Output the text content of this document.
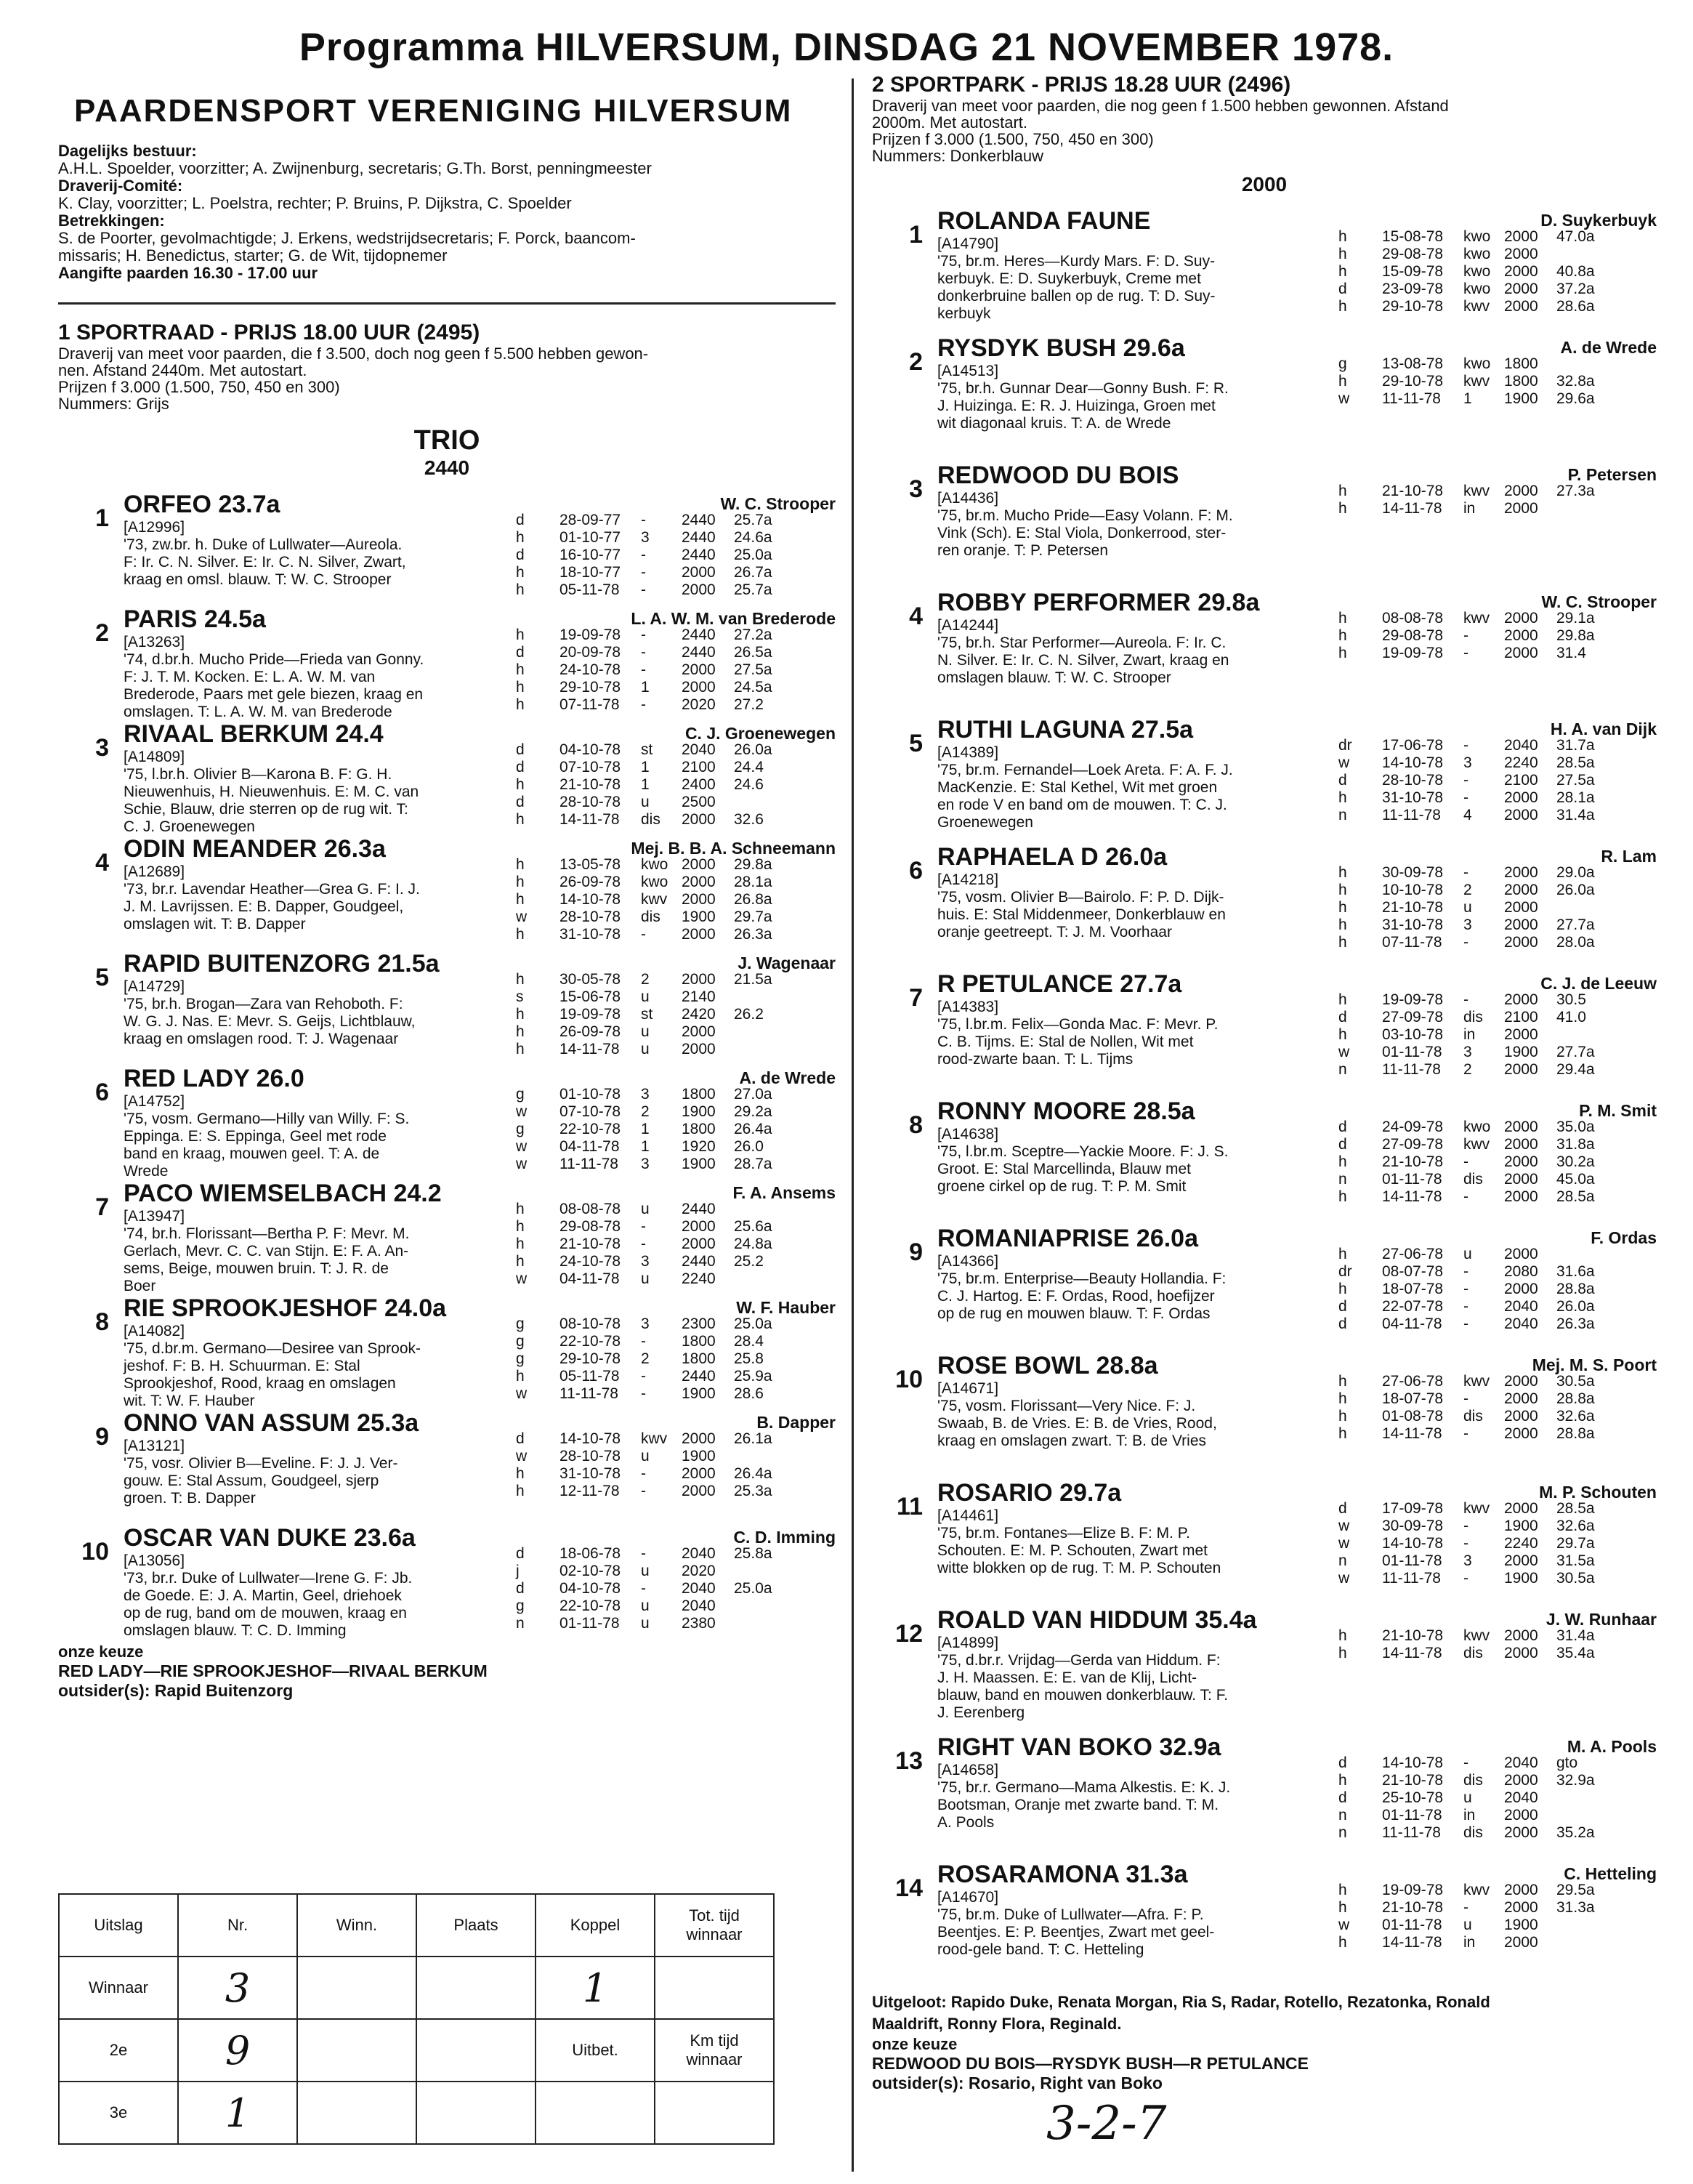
Programma HILVERSUM, DINSDAG 21 NOVEMBER 1978.
PAARDENSPORT VERENIGING HILVERSUM
Dagelijks bestuur:
A.H.L. Spoelder, voorzitter; A. Zwijnenburg, secretaris; G.Th. Borst, penningmeester
Draverij-Comité:
K. Clay, voorzitter; L. Poelstra, rechter; P. Bruins, P. Dijkstra, C. Spoelder
Betrekkingen:
S. de Poorter, gevolmachtigde; J. Erkens, wedstrijdsecretaris; F. Porck, baancom-
missaris; H. Benedictus, starter; G. de Wit, tijdopnemer
Aangifte paarden 16.30 - 17.00 uur
1 SPORTRAAD - PRIJS 18.00 UUR (2495)
Draverij van meet voor paarden, die f 3.500, doch nog geen f 5.500 hebben gewon-
nen. Afstand 2440m. Met autostart.
Prijzen f 3.000 (1.500, 750, 450 en 300)
Nummers: Grijs
TRIO
2440
1 ORFEO 23.7a
[A12996]
'73, zw.br. h. Duke of Lullwater—Aureola.
F: Ir. C. N. Silver. E: Ir. C. N. Silver, Zwart,
kraag en omsl. blauw. T: W. C. Strooper
W. C. Strooper
d	28-09-77	-	2440	25.7a
h	01-10-77	3	2440	24.6a
d	16-10-77	-	2440	25.0a
h	18-10-77	-	2000	26.7a
h	05-11-78	-	2000	25.7a
2 PARIS 24.5a
[A13263]
'74, d.br.h. Mucho Pride—Frieda van Gonny.
F: J. T. M. Kocken. E: L. A. W. M. van
Brederode, Paars met gele biezen, kraag en
omslagen. T: L. A. W. M. van Brederode
L. A. W. M. van Brederode
h	19-09-78	-	2440	27.2a
d	20-09-78	-	2440	26.5a
h	24-10-78	-	2000	27.5a
h	29-10-78	1	2000	24.5a
h	07-11-78	-	2020	27.2
3 RIVAAL BERKUM 24.4
[A14809]
'75, l.br.h. Olivier B—Karona B. F: G. H.
Nieuwenhuis, H. Nieuwenhuis. E: M. C. van
Schie, Blauw, drie sterren op de rug wit. T:
C. J. Groenewegen
C. J. Groenewegen
d	04-10-78	st	2040	26.0a
d	07-10-78	1	2100	24.4
h	21-10-78	1	2400	24.6
d	28-10-78	u	2500
h	14-11-78	dis	2000	32.6
4 ODIN MEANDER 26.3a
[A12689]
'73, br.r. Lavendar Heather—Grea G. F: I. J.
J. M. Lavrijssen. E: B. Dapper, Goudgeel,
omslagen wit. T: B. Dapper
Mej. B. B. A. Schneemann
h	13-05-78	kwo 2000	29.8a
h	26-09-78	kwo 2000	28.1a
h	14-10-78	kwv 2000	26.8a
w	28-10-78	dis	1900	29.7a
h	31-10-78	-	2000	26.3a
5 RAPID BUITENZORG 21.5a
[A14729]
'75, br.h. Brogan—Zara van Rehoboth. F:
W. G. J. Nas. E: Mevr. S. Geijs, Lichtblauw,
kraag en omslagen rood. T: J. Wagenaar
J. Wagenaar
h	30-05-78	2	2000	21.5a
s	15-06-78	u	2140
h	19-09-78	st	2420	26.2
h	26-09-78	u	2000
h	14-11-78	u	2000
6 RED LADY 26.0
[A14752]
'75, vosm. Germano—Hilly van Willy. F: S.
Eppinga. E: S. Eppinga, Geel met rode
band en kraag, mouwen geel. T: A. de
Wrede
A. de Wrede
g	01-10-78	3	1800	27.0a
w	07-10-78	2	1900	29.2a
g	22-10-78	1	1800	26.4a
w	04-11-78	1	1920	26.0
w	11-11-78	3	1900	28.7a
7 PACO WIEMSELBACH 24.2
[A13947]
'74, br.h. Florissant—Bertha P. F: Mevr. M.
Gerlach, Mevr. C. C. van Stijn. E: F. A. An-
sems, Beige, mouwen bruin. T: J. R. de
Boer
F. A. Ansems
h	08-08-78	u	2440
h	29-08-78	-	2000	25.6a
h	21-10-78	-	2000	24.8a
h	24-10-78	3	2440	25.2
w	04-11-78	u	2240
8 RIE SPROOKJESHOF 24.0a
[A14082]
'75, d.br.m. Germano—Desiree van Sprook-
jeshof. F: B. H. Schuurman. E: Stal
Sprookjeshof, Rood, kraag en omslagen
wit. T: W. F. Hauber
W. F. Hauber
g	08-10-78	3	2300	25.0a
g	22-10-78	-	1800	28.4
g	29-10-78	2	1800	25.8
h	05-11-78	-	2440	25.9a
w	11-11-78	-	1900	28.6
9 ONNO VAN ASSUM 25.3a
[A13121]
'75, vosr. Olivier B—Eveline. F: J. J. Ver-
gouw. E: Stal Assum, Goudgeel, sjerp
groen. T: B. Dapper
B. Dapper
d	14-10-78	kwv 2000	26.1a
w	28-10-78	u	1900
h	31-10-78	-	2000	26.4a
h	12-11-78	-	2000	25.3a
10 OSCAR VAN DUKE 23.6a
[A13056]
'73, br.r. Duke of Lullwater—Irene G. F: Jb.
de Goede. E: J. A. Martin, Geel, driehoek
op de rug, band om de mouwen, kraag en
omslagen blauw. T: C. D. Imming
C. D. Imming
d	18-06-78	-	2040	25.8a
j	02-10-78	u	2020
d	04-10-78	-	2040	25.0a
g	22-10-78	u	2040
n	01-11-78	u	2380
onze keuze
RED LADY—RIE SPROOKJESHOF—RIVAAL BERKUM
outsider(s): Rapid Buitenzorg
Uitslag	Nr.	Winn.	Plaats	Koppel	Tot. tijd winnaar
Winnaar	3			1	
2e	9			Uitbet.	Km tijd winnaar
3e	1				
2 SPORTPARK - PRIJS 18.28 UUR (2496)
Draverij van meet voor paarden, die nog geen f 1.500 hebben gewonnen. Afstand
2000m. Met autostart.
Prijzen f 3.000 (1.500, 750, 450 en 300)
Nummers: Donkerblauw
2000
1 ROLANDA FAUNE
[A14790]
'75, br.m. Heres—Kurdy Mars. F: D. Suy-
kerbuyk. E: D. Suykerbuyk, Creme met
donkerbruine ballen op de rug. T: D. Suy-
kerbuyk
D. Suykerbuyk
h	15-08-78	kwo 2000	47.0a
h	29-08-78	kwo 2000
h	15-09-78	kwo 2000	40.8a
d	23-09-78	kwo 2000	37.2a
h	29-10-78	kwv 2000	28.6a
2 RYSDYK BUSH 29.6a
[A14513]
'75, br.h. Gunnar Dear—Gonny Bush. F: R.
J. Huizinga. E: R. J. Huizinga, Groen met
wit diagonaal kruis. T: A. de Wrede
A. de Wrede
g	13-08-78	kwo 1800
h	29-10-78	kwv 1800	32.8a
w	11-11-78	1	1900	29.6a
3 REDWOOD DU BOIS
[A14436]
'75, br.m. Mucho Pride—Easy Volann. F: M.
Vink (Sch). E: Stal Viola, Donkerrood, ster-
ren oranje. T: P. Petersen
P. Petersen
h	21-10-78	kwv 2000	27.3a
h	14-11-78	in	2000
4 ROBBY PERFORMER 29.8a
[A14244]
'75, br.h. Star Performer—Aureola. F: Ir. C.
N. Silver. E: Ir. C. N. Silver, Zwart, kraag en
omslagen blauw. T: W. C. Strooper
W. C. Strooper
h	08-08-78	kwv 2000	29.1a
h	29-08-78	-	2000	29.8a
h	19-09-78	-	2000	31.4
5 RUTHI LAGUNA 27.5a
[A14389]
'75, br.m. Fernandel—Loek Areta. F: A. F. J.
MacKenzie. E: Stal Kethel, Wit met groen
en rode V en band om de mouwen. T: C. J.
Groenewegen
H. A. van Dijk
dr	17-06-78	-	2040	31.7a
w	14-10-78	3	2240	28.5a
d	28-10-78	-	2100	27.5a
h	31-10-78	-	2000	28.1a
n	11-11-78	4	2000	31.4a
6 RAPHAELA D 26.0a
[A14218]
'75, vosm. Olivier B—Bairolo. F: P. D. Dijk-
huis. E: Stal Middenmeer, Donkerblauw en
oranje geetreept. T: J. M. Voorhaar
R. Lam
h	30-09-78	-	2000	29.0a
h	10-10-78	2	2000	26.0a
h	21-10-78	u	2000
h	31-10-78	3	2000	27.7a
h	07-11-78	-	2000	28.0a
7 R PETULANCE 27.7a
[A14383]
'75, l.br.m. Felix—Gonda Mac. F: Mevr. P.
C. B. Tijms. E: Stal de Nollen, Wit met
rood-zwarte baan. T: L. Tijms
C. J. de Leeuw
h	19-09-78	-	2000	30.5
d	27-09-78	dis	2100	41.0
h	03-10-78	in	2000
w	01-11-78	3	1900	27.7a
n	11-11-78	2	2000	29.4a
8 RONNY MOORE 28.5a
[A14638]
'75, l.br.m. Sceptre—Yackie Moore. F: J. S.
Groot. E: Stal Marcellinda, Blauw met
groene cirkel op de rug. T: P. M. Smit
P. M. Smit
d	24-09-78	kwo 2000	35.0a
d	27-09-78	kwv 2000	31.8a
h	21-10-78	-	2000	30.2a
n	01-11-78	dis	2000	45.0a
h	14-11-78	-	2000	28.5a
9 ROMANIAPRISE 26.0a
[A14366]
'75, br.m. Enterprise—Beauty Hollandia. F:
C. J. Hartog. E: F. Ordas, Rood, hoefijzer
op de rug en mouwen blauw. T: F. Ordas
F. Ordas
h	27-06-78	u	2000
dr	08-07-78	-	2080	31.6a
h	18-07-78	-	2000	28.8a
d	22-07-78	-	2040	26.0a
d	04-11-78	-	2040	26.3a
10 ROSE BOWL 28.8a
[A14671]
'75, vosm. Florissant—Very Nice. F: J.
Swaab, B. de Vries. E: B. de Vries, Rood,
kraag en omslagen zwart. T: B. de Vries
Mej. M. S. Poort
h	27-06-78	kwv 2000	30.5a
h	18-07-78	-	2000	28.8a
h	01-08-78	dis	2000	32.6a
h	14-11-78	-	2000	28.8a
11 ROSARIO 29.7a
[A14461]
'75, br.m. Fontanes—Elize B. F: M. P.
Schouten. E: M. P. Schouten, Zwart met
witte blokken op de rug. T: M. P. Schouten
M. P. Schouten
d	17-09-78	kwv 2000	28.5a
w	30-09-78	-	1900	32.6a
w	14-10-78	-	2240	29.7a
n	01-11-78	3	2000	31.5a
w	11-11-78	-	1900	30.5a
12 ROALD VAN HIDDUM 35.4a
[A14899]
'75, d.br.r. Vrijdag—Gerda van Hiddum. F:
J. H. Maassen. E: E. van de Klij, Licht-
blauw, band en mouwen donkerblauw. T: F.
J. Eerenberg
J. W. Runhaar
h	21-10-78	kwv 2000	31.4a
h	14-11-78	dis	2000	35.4a
13 RIGHT VAN BOKO 32.9a
[A14658]
'75, br.r. Germano—Mama Alkestis. E: K. J.
Bootsman, Oranje met zwarte band. T: M.
A. Pools
M. A. Pools
d	14-10-78	-	2040	gto
h	21-10-78	dis	2000	32.9a
d	25-10-78	u	2040
n	01-11-78	in	2000
n	11-11-78	dis	2000	35.2a
14 ROSARAMONA 31.3a
[A14670]
'75, br.m. Duke of Lullwater—Afra. F: P.
Beentjes. E: P. Beentjes, Zwart met geel-
rood-gele band. T: C. Hetteling
C. Hetteling
h	19-09-78	kwv 2000	29.5a
h	21-10-78	-	2000	31.3a
w	01-11-78	u	1900
h	14-11-78	in	2000
Uitgeloot: Rapido Duke, Renata Morgan, Ria S, Radar, Rotello, Rezatonka, Ronald
Maaldrift, Ronny Flora, Reginald.
onze keuze
REDWOOD DU BOIS—RYSDYK BUSH—R PETULANCE
outsider(s): Rosario, Right van Boko
3-2-7
